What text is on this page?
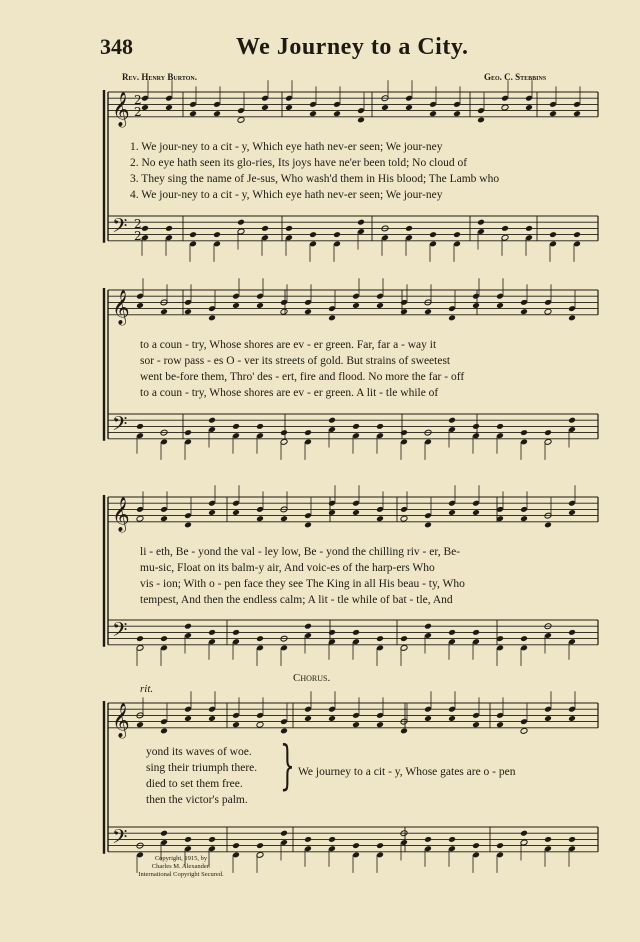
𝄞
𝄢
2
2
2
2
𝄞
𝄢
𝄞
𝄢
𝄞
𝄢
348	We Journey to a City.
Rev. Henry Burton.	Geo. C. Stebbins
1. We jour-ney to a cit - y, Which eye hath nev-er seen; We jour-ney
2. No eye hath seen its glo-ries, Its joys have ne'er been told; No cloud of
3. They sing the name of Je-sus, Who wash'd them in His blood; The Lamb who
4. We jour-ney to a cit - y, Which eye hath nev-er seen; We jour-ney
to a coun - try, Whose shores are ev - er green. Far, far a - way it
sor - row pass - es O - ver its streets of gold. But strains of sweetest
went be-fore them, Thro' des - ert, fire and flood. No more the far - off
to a coun - try, Whose shores are ev - er green. A lit - tle while of
li - eth, Be - yond the val - ley low, Be - yond the chilling riv - er, Be-
mu-sic, Float on its balm-y air, And voic-es of the harp-ers Who
vis - ion; With o - pen face they see The King in all His beau - ty, Who
tempest, And then the endless calm; A lit - tle while of bat - tle, And
Chorus.
rit.
yond its waves of woe.
sing their triumph there.
died to set them free.
then the victor's palm.
} We journey to a cit - y, Whose gates are o - pen
Copyright, 1915, by
Charles M. Alexander.
International Copyright Secured.
